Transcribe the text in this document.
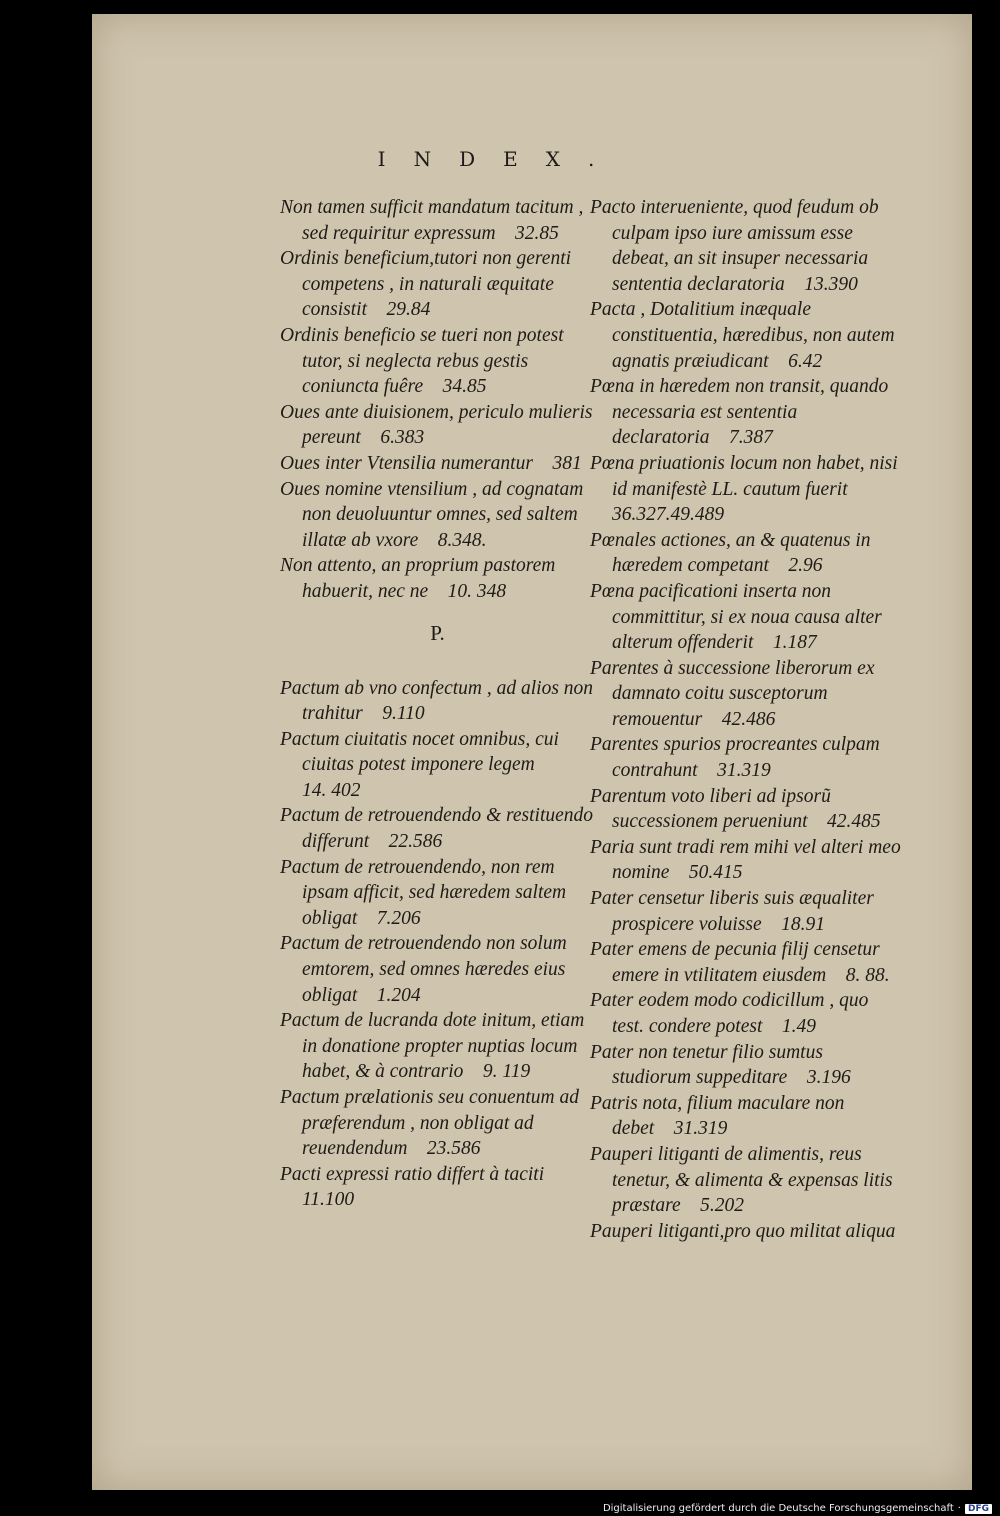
INDEX.

Non tamen sufficit mandatum tacitum , sed requiritur expressum  32.85

Ordinis beneficium,tutori non gerenti competens , in naturali æquitate consistit  29.84

Ordinis beneficio se tueri non potest tutor, si neglecta rebus gestis coniuncta fuêre  34.85

Oues ante diuisionem, periculo mulieris pereunt  6.383

Oues inter Vtensilia numerantur  381

Oues nomine vtensilium , ad cognatam non deuoluuntur omnes, sed saltem illatæ ab vxore  8.348.

Non attento, an proprium pastorem habuerit, nec ne  10. 348

P.

Pactum ab vno confectum , ad alios non trahitur  9.110

Pactum ciuitatis nocet omnibus, cui ciuitas potest imponere legem 14. 402

Pactum de retrouendendo & restituendo differunt  22.586

Pactum de retrouendendo, non rem ipsam afficit, sed hæredem saltem obligat  7.206

Pactum de retrouendendo non solum emtorem, sed omnes hæredes eius obligat  1.204

Pactum de lucranda dote initum, etiam in donatione propter nuptias locum habet, & à contrario  9. 119

Pactum prælationis seu conuentum ad præferendum , non obligat ad reuendendum  23.586

Pacti expressi ratio differt à taciti 11.100

Pacto interueniente, quod feudum ob culpam ipso iure amissum esse debeat, an sit insuper necessaria sententia declaratoria  13.390

Pacta , Dotalitium inæquale constituentia, hæredibus, non autem agnatis præiudicant  6.42

Pœna in hæredem non transit, quando necessaria est sententia declaratoria  7.387

Pœna priuationis locum non habet, nisi id manifestè LL. cautum fuerit 36.327.49.489

Pœnales actiones, an & quatenus in hæredem competant  2.96

Pœna pacificationi inserta non committitur, si ex noua causa alter alterum offenderit  1.187

Parentes à successione liberorum ex damnato coitu susceptorum remouentur  42.486

Parentes spurios procreantes culpam contrahunt  31.319

Parentum voto liberi ad ipsorũ successionem perueniunt  42.485

Paria sunt tradi rem mihi vel alteri meo nomine  50.415

Pater censetur liberis suis æqualiter prospicere voluisse  18.91

Pater emens de pecunia filij censetur emere in vtilitatem eiusdem  8. 88.

Pater eodem modo codicillum , quo test. condere potest  1.49

Pater non tenetur filio sumtus studiorum suppeditare  3.196

Patris nota, filium maculare non debet  31.319

Pauperi litiganti de alimentis, reus tenetur, & alimenta & expensas litis præstare  5.202

Pauperi litiganti,pro quo militat aliqua

Digitalisierung gefördert durch die Deutsche Forschungsgemeinschaft · DFG
